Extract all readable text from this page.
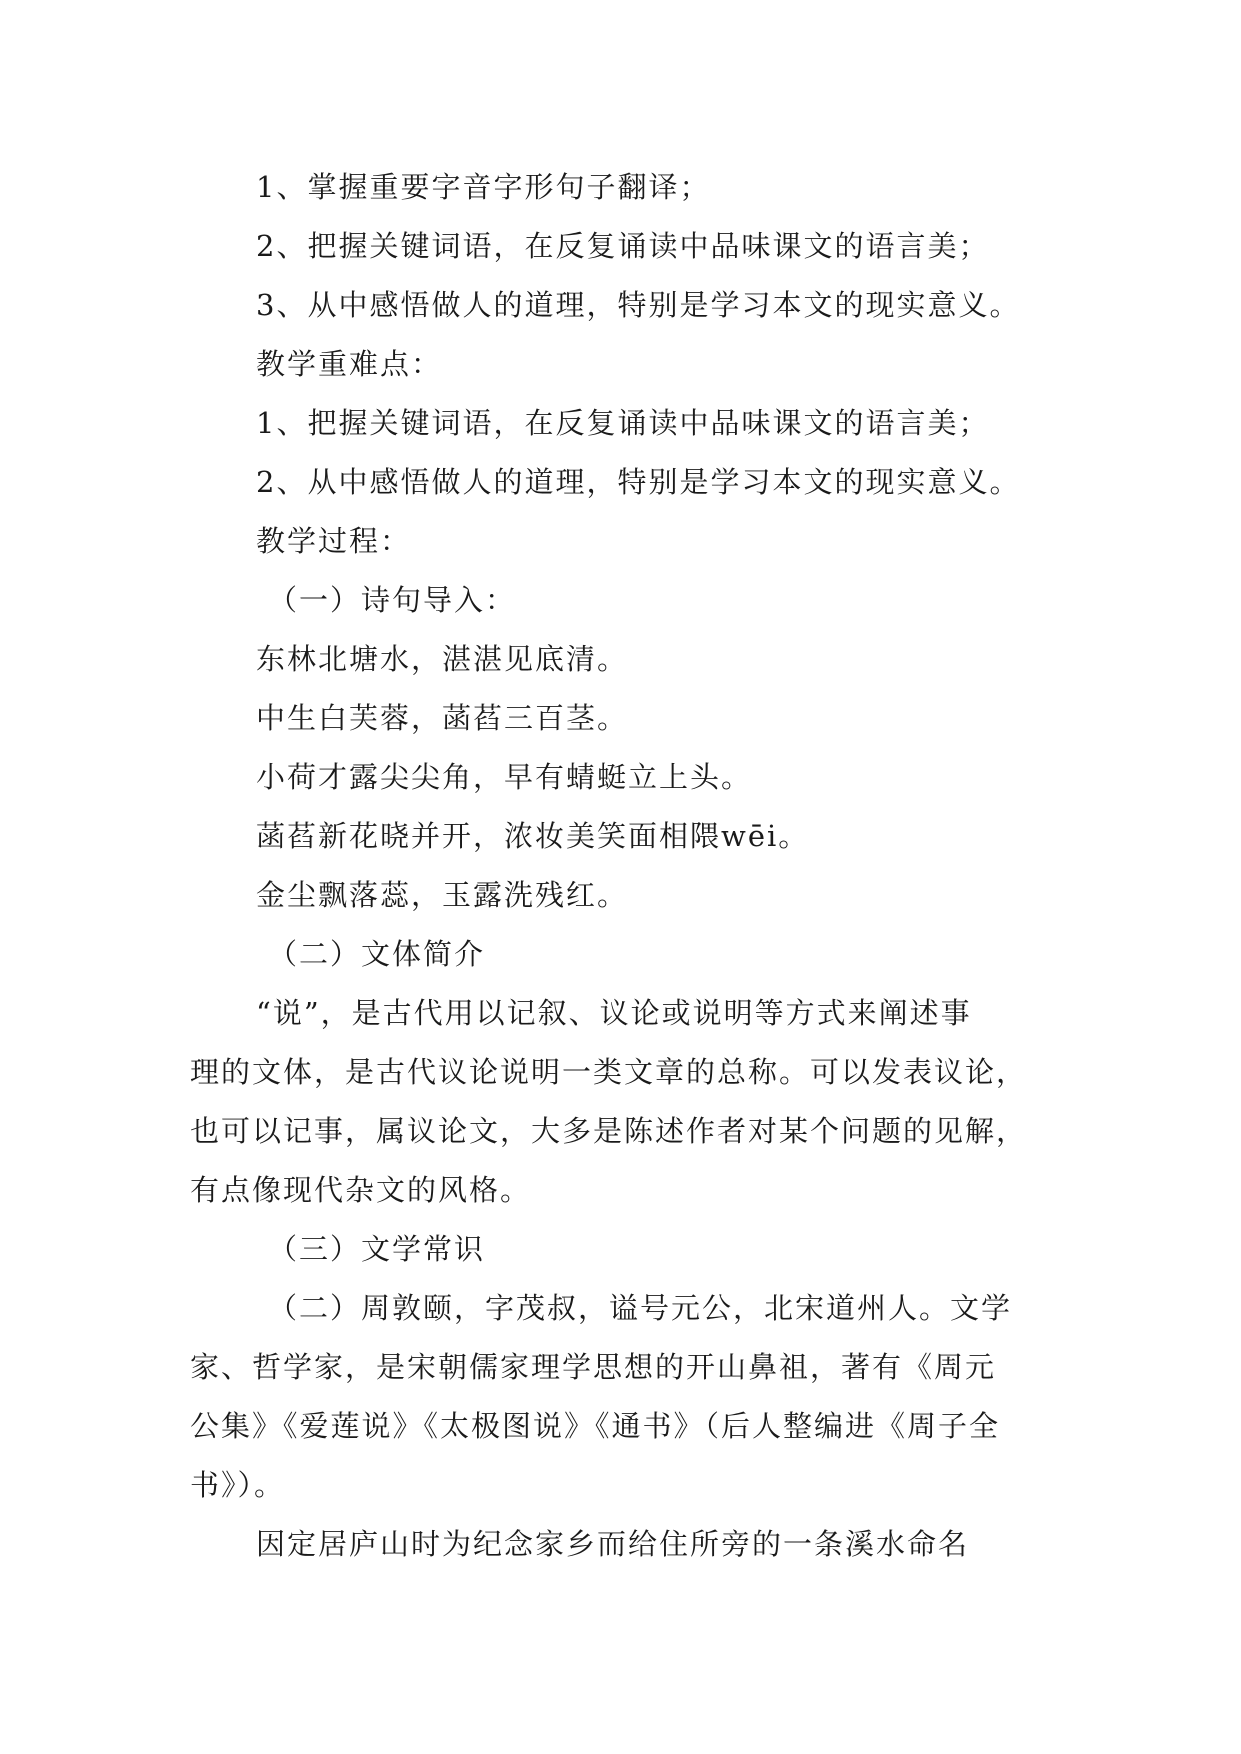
1、掌握重要字音字形句子翻译；
2、把握关键词语，在反复诵读中品味课文的语言美；
3、从中感悟做人的道理，特别是学习本文的现实意义。
教学重难点：
1、把握关键词语，在反复诵读中品味课文的语言美；
2、从中感悟做人的道理，特别是学习本文的现实意义。
教学过程：
（一）诗句导入：
东林北塘水，湛湛见底清。
中生白芙蓉，菡萏三百茎。
小荷才露尖尖角，早有蜻蜓立上头。
菡萏新花晓并开，浓妆美笑面相隈wēi。
金尘飘落蕊，玉露洗残红。
（二）文体简介
“说”，是古代用以记叙、议论或说明等方式来阐述事
理的文体，是古代议论说明一类文章的总称。可以发表议论，
也可以记事，属议论文，大多是陈述作者对某个问题的见解，
有点像现代杂文的风格。
（三）文学常识
（二）周敦颐，字茂叔，谥号元公，北宋道州人。文学
家、哲学家，是宋朝儒家理学思想的开山鼻祖，著有《周元
公集》《爱莲说》《太极图说》《通书》（后人整编进《周子全
书》）。
因定居庐山时为纪念家乡而给住所旁的一条溪水命名
